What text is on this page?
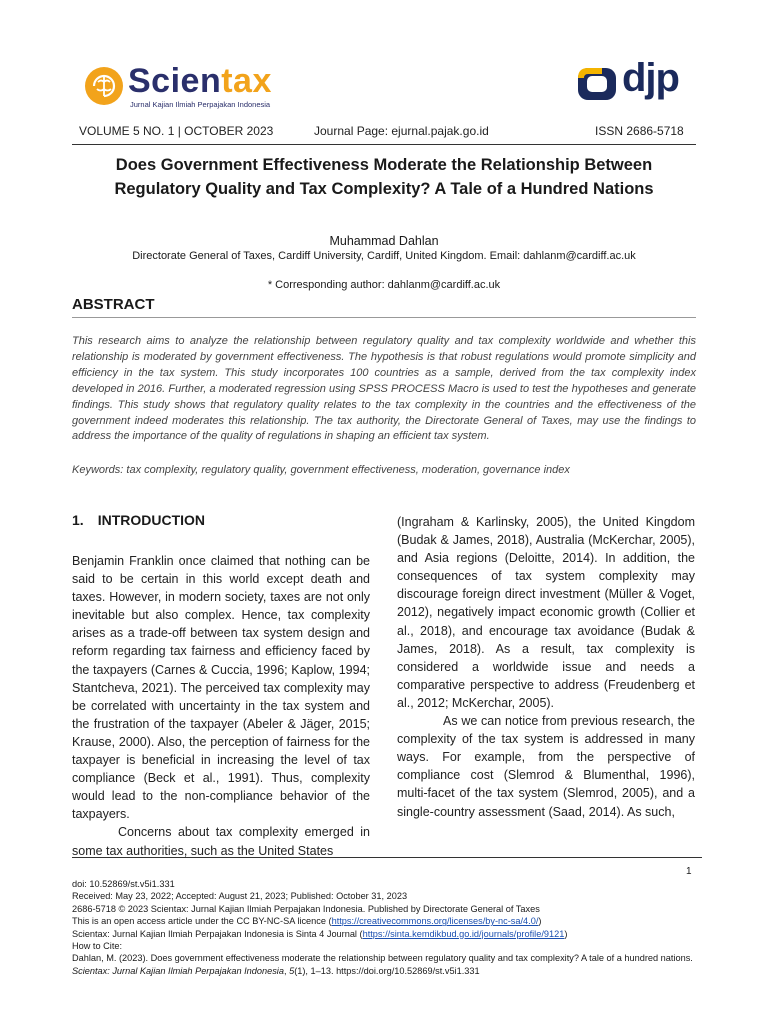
Scientax
Jurnal Kajian Ilmiah Perpajakan Indonesia
djp
VOLUME 5 NO. 1 | OCTOBER 2023	Journal Page: ejurnal.pajak.go.id	ISSN 2686-5718
Does Government Effectiveness Moderate the Relationship Between
Regulatory Quality and Tax Complexity? A Tale of a Hundred Nations
Muhammad Dahlan
Directorate General of Taxes, Cardiff University, Cardiff, United Kingdom. Email: dahlanm@cardiff.ac.uk
* Corresponding author: dahlanm@cardiff.ac.uk
ABSTRACT
This research aims to analyze the relationship between regulatory quality and tax complexity worldwide and whether this relationship is moderated by government effectiveness. The hypothesis is that robust regulations would promote simplicity and efficiency in the tax system. This study incorporates 100 countries as a sample, derived from the tax complexity index developed in 2016. Further, a moderated regression using SPSS PROCESS Macro is used to test the hypotheses and generate findings. This study shows that regulatory quality relates to the tax complexity in the countries and the effectiveness of the government indeed moderates this relationship. The tax authority, the Directorate General of Taxes, may use the findings to address the importance of the quality of regulations in shaping an efficient tax system.
Keywords: tax complexity, regulatory quality, government effectiveness, moderation, governance index
1. INTRODUCTION

Benjamin Franklin once claimed that nothing can be said to be certain in this world except death and taxes. However, in modern society, taxes are not only inevitable but also complex. Hence, tax complexity arises as a trade-off between tax system design and reform regarding tax fairness and efficiency faced by the taxpayers (Carnes & Cuccia, 1996; Kaplow, 1994; Stantcheva, 2021). The perceived tax complexity may be correlated with uncertainty in the tax system and the frustration of the taxpayer (Abeler & Jäger, 2015; Krause, 2000). Also, the perception of fairness for the taxpayer is beneficial in increasing the level of tax compliance (Beck et al., 1991). Thus, complexity would lead to the non-compliance behavior of the taxpayers.

Concerns about tax complexity emerged in some tax authorities, such as the United States

(Ingraham & Karlinsky, 2005), the United Kingdom (Budak & James, 2018), Australia (McKerchar, 2005), and Asia regions (Deloitte, 2014). In addition, the consequences of tax system complexity may discourage foreign direct investment (Müller & Voget, 2012), negatively impact economic growth (Collier et al., 2018), and encourage tax avoidance (Budak & James, 2018). As a result, tax complexity is considered a worldwide issue and needs a comparative perspective to address (Freudenberg et al., 2012; McKerchar, 2005).

As we can notice from previous research, the complexity of the tax system is addressed in many ways. For example, from the perspective of compliance cost (Slemrod & Blumenthal, 1996), multi-facet of the tax system (Slemrod, 2005), and a single-country assessment (Saad, 2014). As such,

1
doi: 10.52869/st.v5i1.331
Received: May 23, 2022; Accepted: August 21, 2023; Published: October 31, 2023
2686-5718 © 2023 Scientax: Jurnal Kajian Ilmiah Perpajakan Indonesia. Published by Directorate General of Taxes
This is an open access article under the CC BY-NC-SA licence (https://creativecommons.org/licenses/by-nc-sa/4.0/)
Scientax: Jurnal Kajian Ilmiah Perpajakan Indonesia is Sinta 4 Journal (https://sinta.kemdikbud.go.id/journals/profile/9121)
How to Cite:
Dahlan, M. (2023). Does government effectiveness moderate the relationship between regulatory quality and tax complexity? A tale of a hundred nations. Scientax: Jurnal Kajian Ilmiah Perpajakan Indonesia, 5(1), 1–13. https://doi.org/10.52869/st.v5i1.331
